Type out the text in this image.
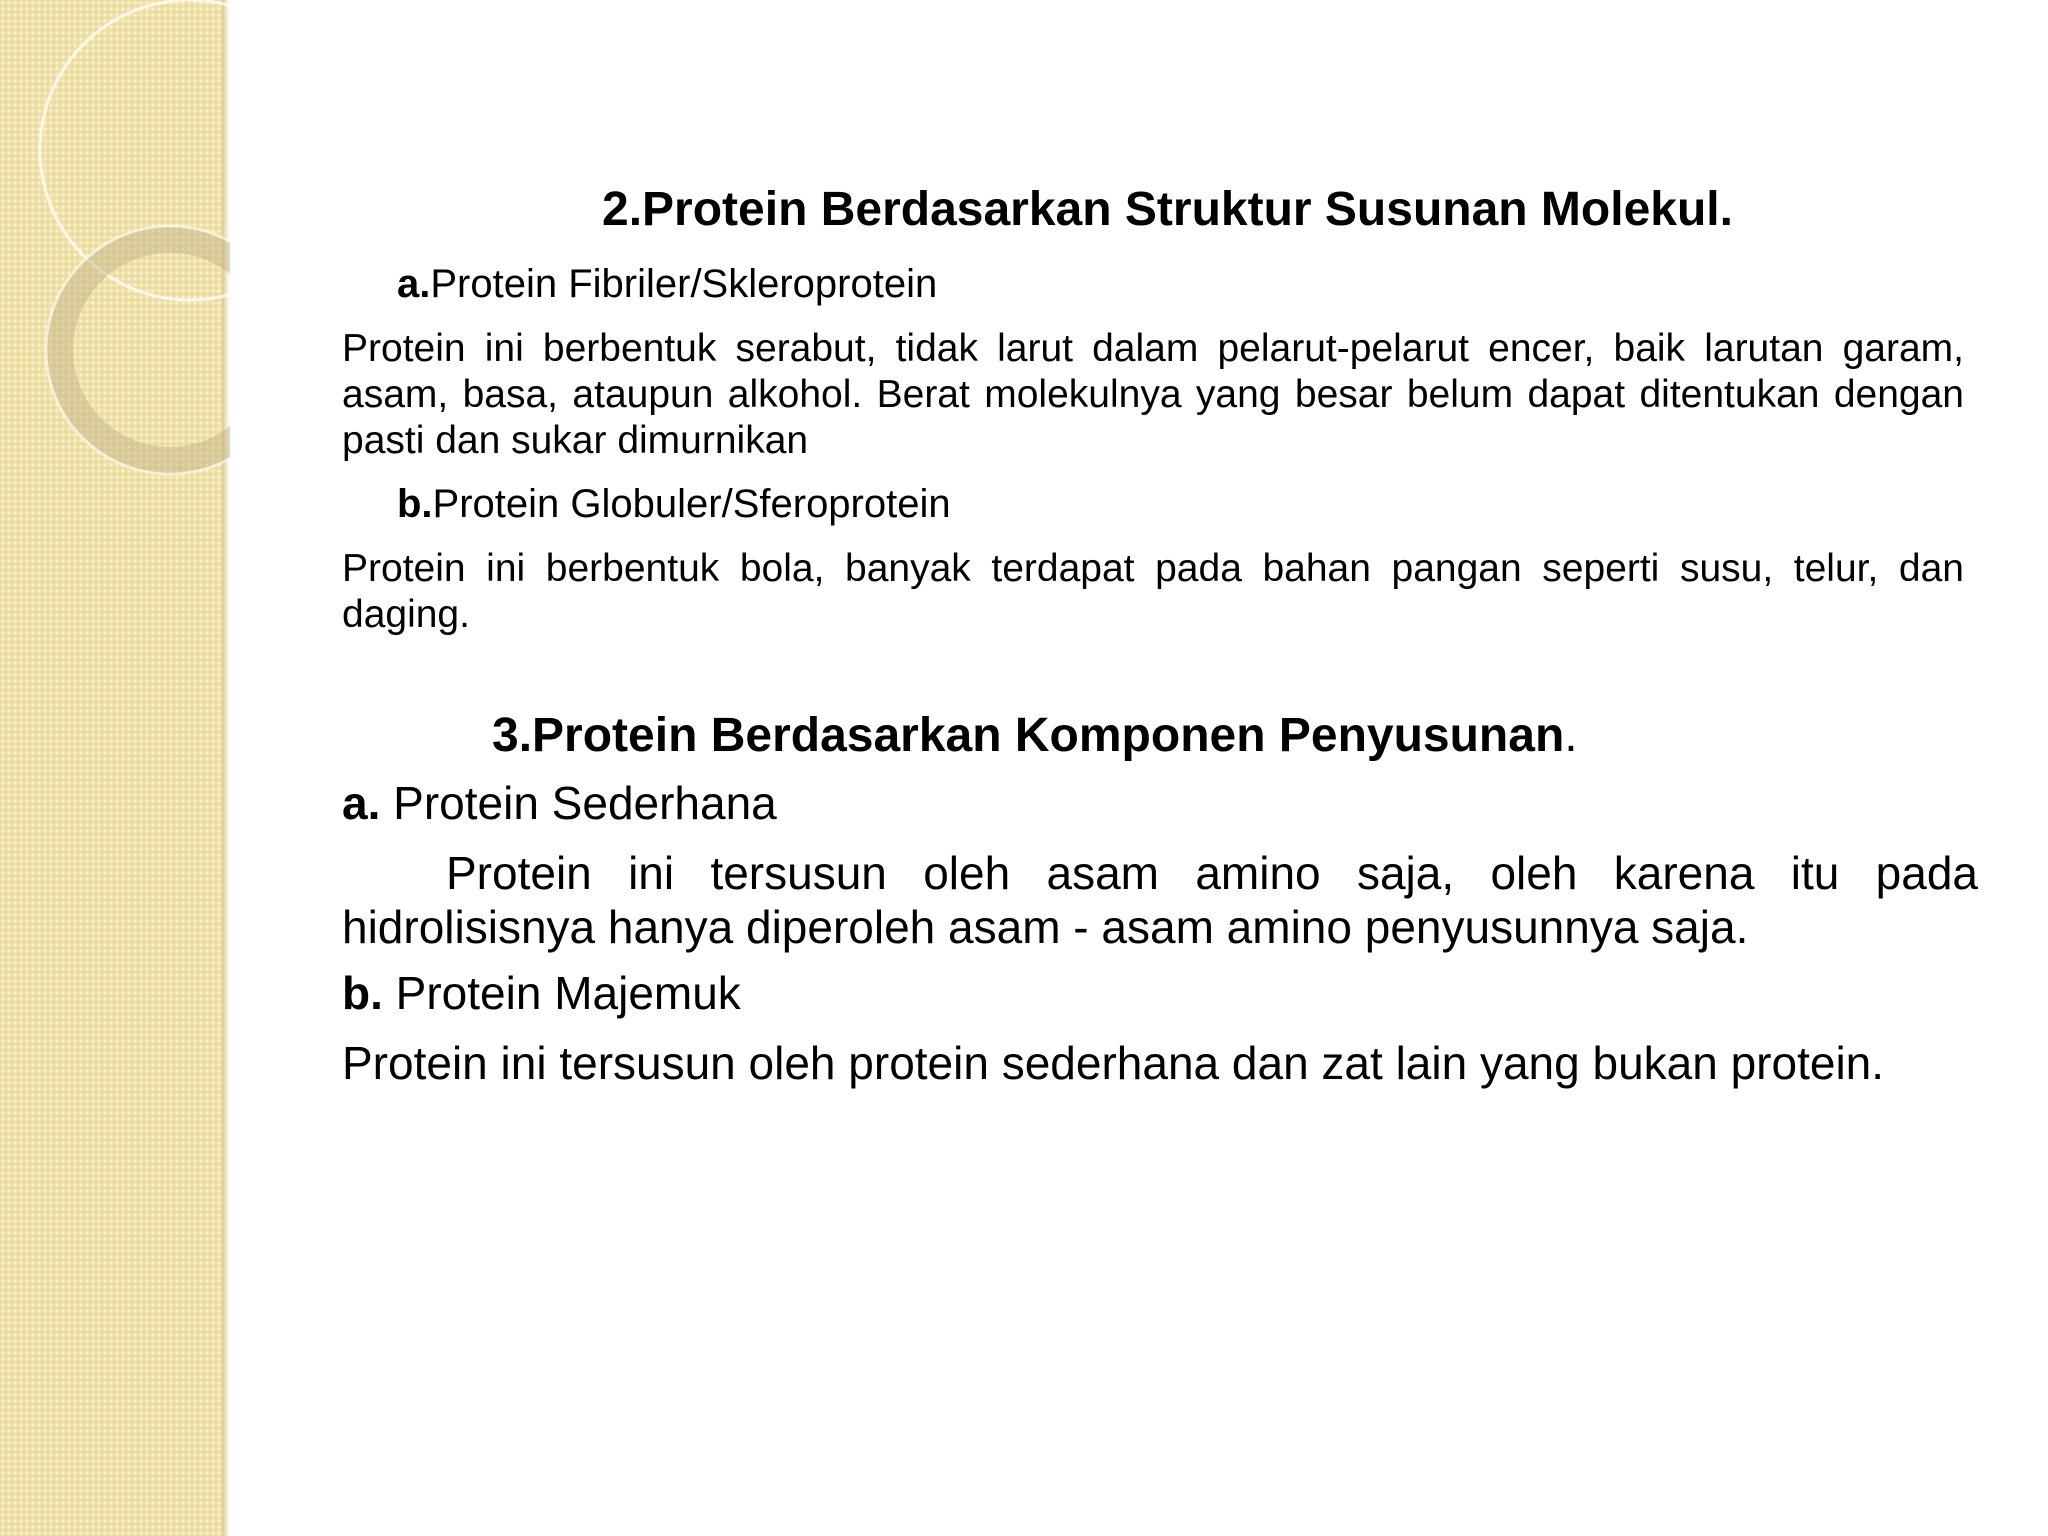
2.Protein Berdasarkan Struktur Susunan Molekul.
a.Protein Fibriler/Skleroprotein
Protein ini berbentuk serabut, tidak larut dalam pelarut-pelarut encer, baik larutan garam, asam, basa, ataupun alkohol. Berat molekulnya yang besar belum dapat ditentukan dengan pasti dan sukar dimurnikan
b.Protein Globuler/Sferoprotein
Protein ini berbentuk bola, banyak terdapat pada bahan pangan seperti susu, telur, dan daging.
3.Protein Berdasarkan Komponen Penyusunan.
a. Protein Sederhana
Protein ini tersusun oleh asam amino saja, oleh karena itu pada hidrolisisnya hanya diperoleh asam - asam amino penyusunnya saja.
b. Protein Majemuk
Protein ini tersusun oleh protein sederhana dan zat lain yang bukan protein.
